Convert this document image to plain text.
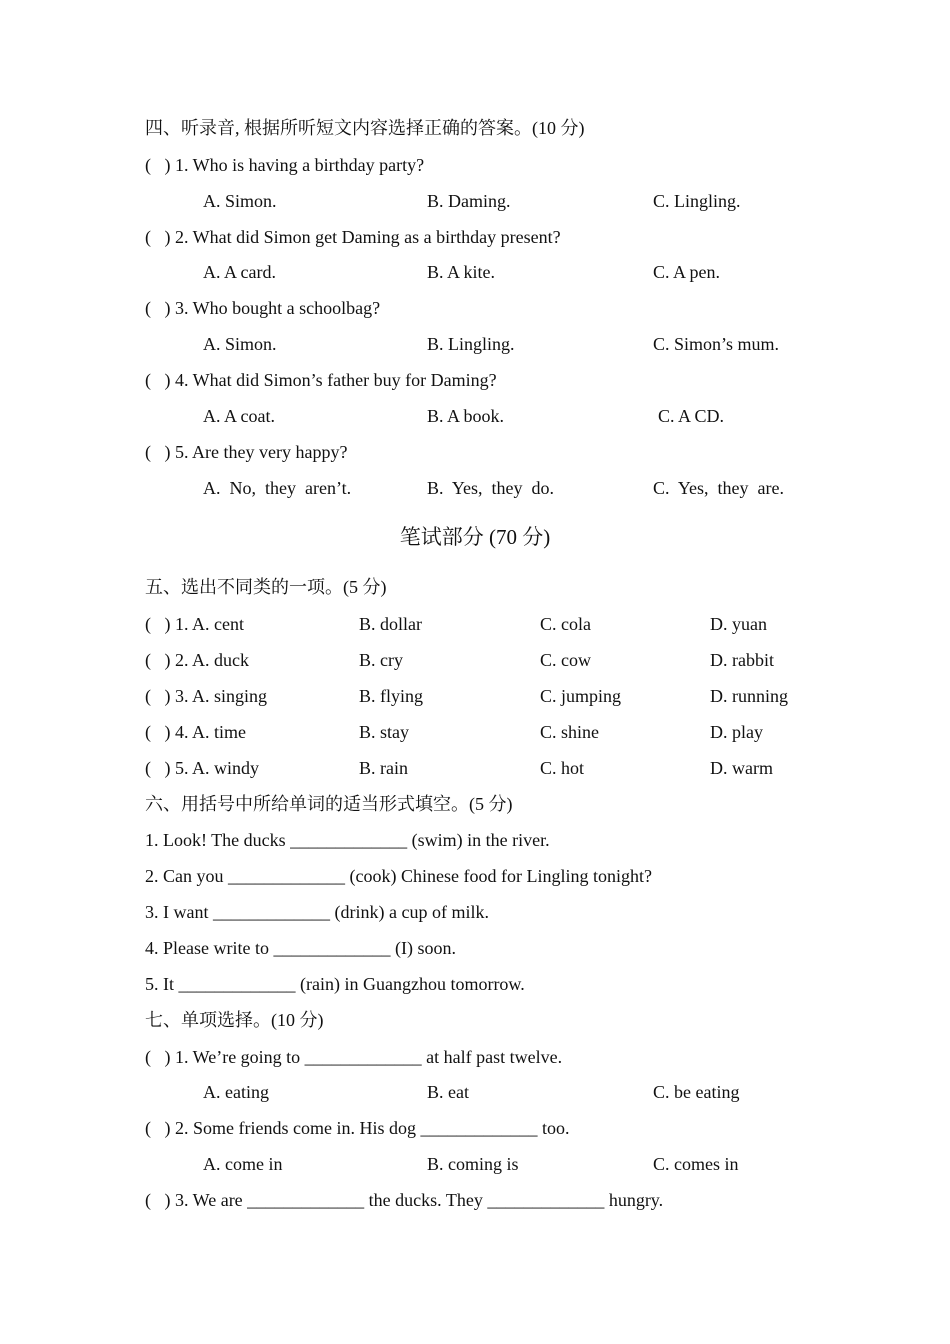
四、听录音, 根据所听短文内容选择正确的答案。(10 分)
(   ) 1. Who is having a birthday party?
A. Simon.	B. Daming.	C. Lingling.
(   ) 2. What did Simon get Daming as a birthday present?
A. A card.	B. A kite.	C. A pen.
(   ) 3. Who bought a schoolbag?
A. Simon.	B. Lingling.	C. Simon’s mum.
(   ) 4. What did Simon’s father buy for Daming?
A. A coat.	B. A book.	C. A CD.
(   ) 5. Are they very happy?
A.  No,  they  aren’t.	B.  Yes,  they  do.	C.  Yes,  they  are.
笔试部分 (70 分)
五、选出不同类的一项。(5 分)
(   ) 1. A. cent	B. dollar	C. cola	D. yuan
(   ) 2. A. duck	B. cry	C. cow	D. rabbit
(   ) 3. A. singing	B. flying	C. jumping	D. running
(   ) 4. A. time	B. stay	C. shine	D. play
(   ) 5. A. windy	B. rain	C. hot	D. warm
六、用括号中所给单词的适当形式填空。(5 分)
1. Look! The ducks _____________ (swim) in the river.
2. Can you _____________ (cook) Chinese food for Lingling tonight?
3. I want _____________ (drink) a cup of milk.
4. Please write to _____________ (I) soon.
5. It _____________ (rain) in Guangzhou tomorrow.
七、单项选择。(10 分)
(   ) 1. We’re going to _____________ at half past twelve.
A. eating	B. eat	C. be eating
(   ) 2. Some friends come in. His dog _____________ too.
A. come in	B. coming is	C. comes in
(   ) 3. We are _____________ the ducks. They _____________ hungry.
